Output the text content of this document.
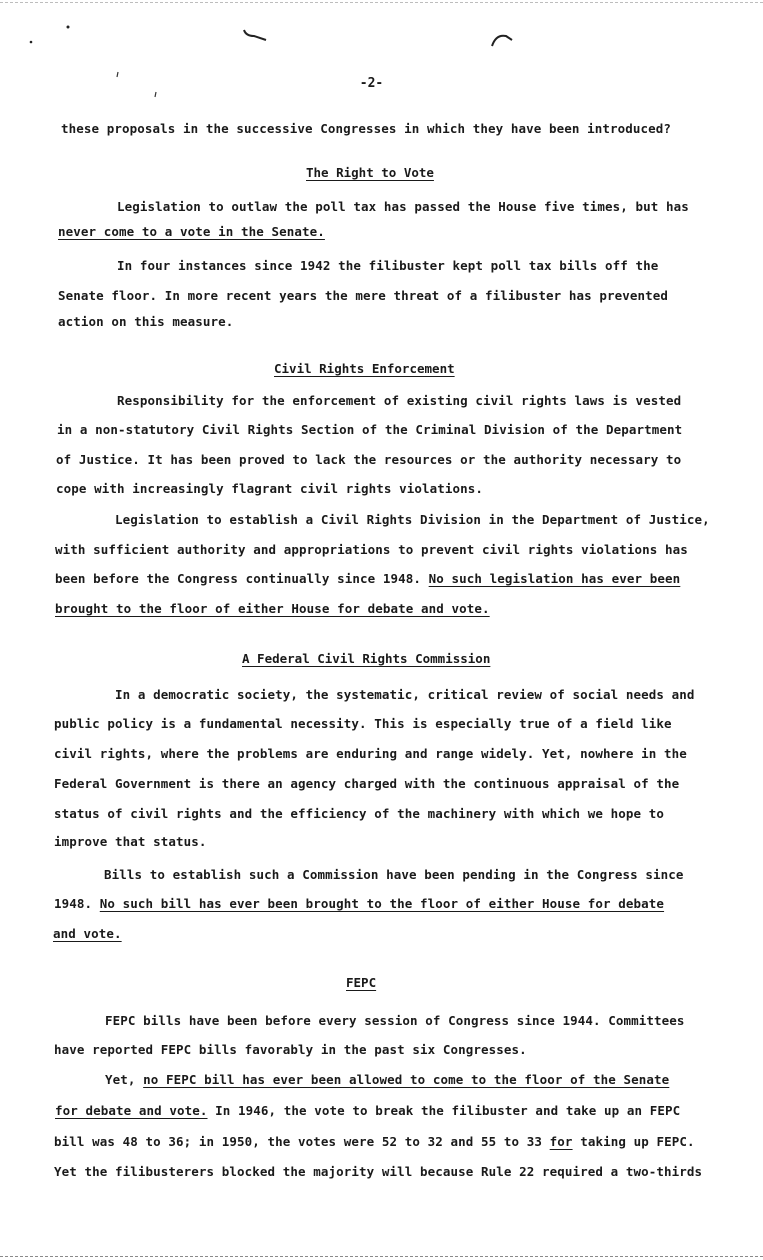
-2-
these proposals in the successive Congresses in which they have been introduced?
The Right to Vote
Legislation to outlaw the poll tax has passed the House five times, but has
never come to a vote in the Senate.
In four instances since 1942 the filibuster kept poll tax bills off the
Senate floor. In more recent years the mere threat of a filibuster has prevented
action on this measure.
Civil Rights Enforcement
Responsibility for the enforcement of existing civil rights laws is vested
in a non-statutory Civil Rights Section of the Criminal Division of the Department
of Justice. It has been proved to lack the resources or the authority necessary to
cope with increasingly flagrant civil rights violations.
Legislation to establish a Civil Rights Division in the Department of Justice,
with sufficient authority and appropriations to prevent civil rights violations has
been before the Congress continually since 1948. No such legislation has ever been
brought to the floor of either House for debate and vote.
A Federal Civil Rights Commission
In a democratic society, the systematic, critical review of social needs and
public policy is a fundamental necessity. This is especially true of a field like
civil rights, where the problems are enduring and range widely. Yet, nowhere in the
Federal Government is there an agency charged with the continuous appraisal of the
status of civil rights and the efficiency of the machinery with which we hope to
improve that status.
Bills to establish such a Commission have been pending in the Congress since
1948. No such bill has ever been brought to the floor of either House for debate
and vote.
FEPC
FEPC bills have been before every session of Congress since 1944. Committees
have reported FEPC bills favorably in the past six Congresses.
Yet, no FEPC bill has ever been allowed to come to the floor of the Senate
for debate and vote. In 1946, the vote to break the filibuster and take up an FEPC
bill was 48 to 36; in 1950, the votes were 52 to 32 and 55 to 33 for taking up FEPC.
Yet the filibusterers blocked the majority will because Rule 22 required a two-thirds
